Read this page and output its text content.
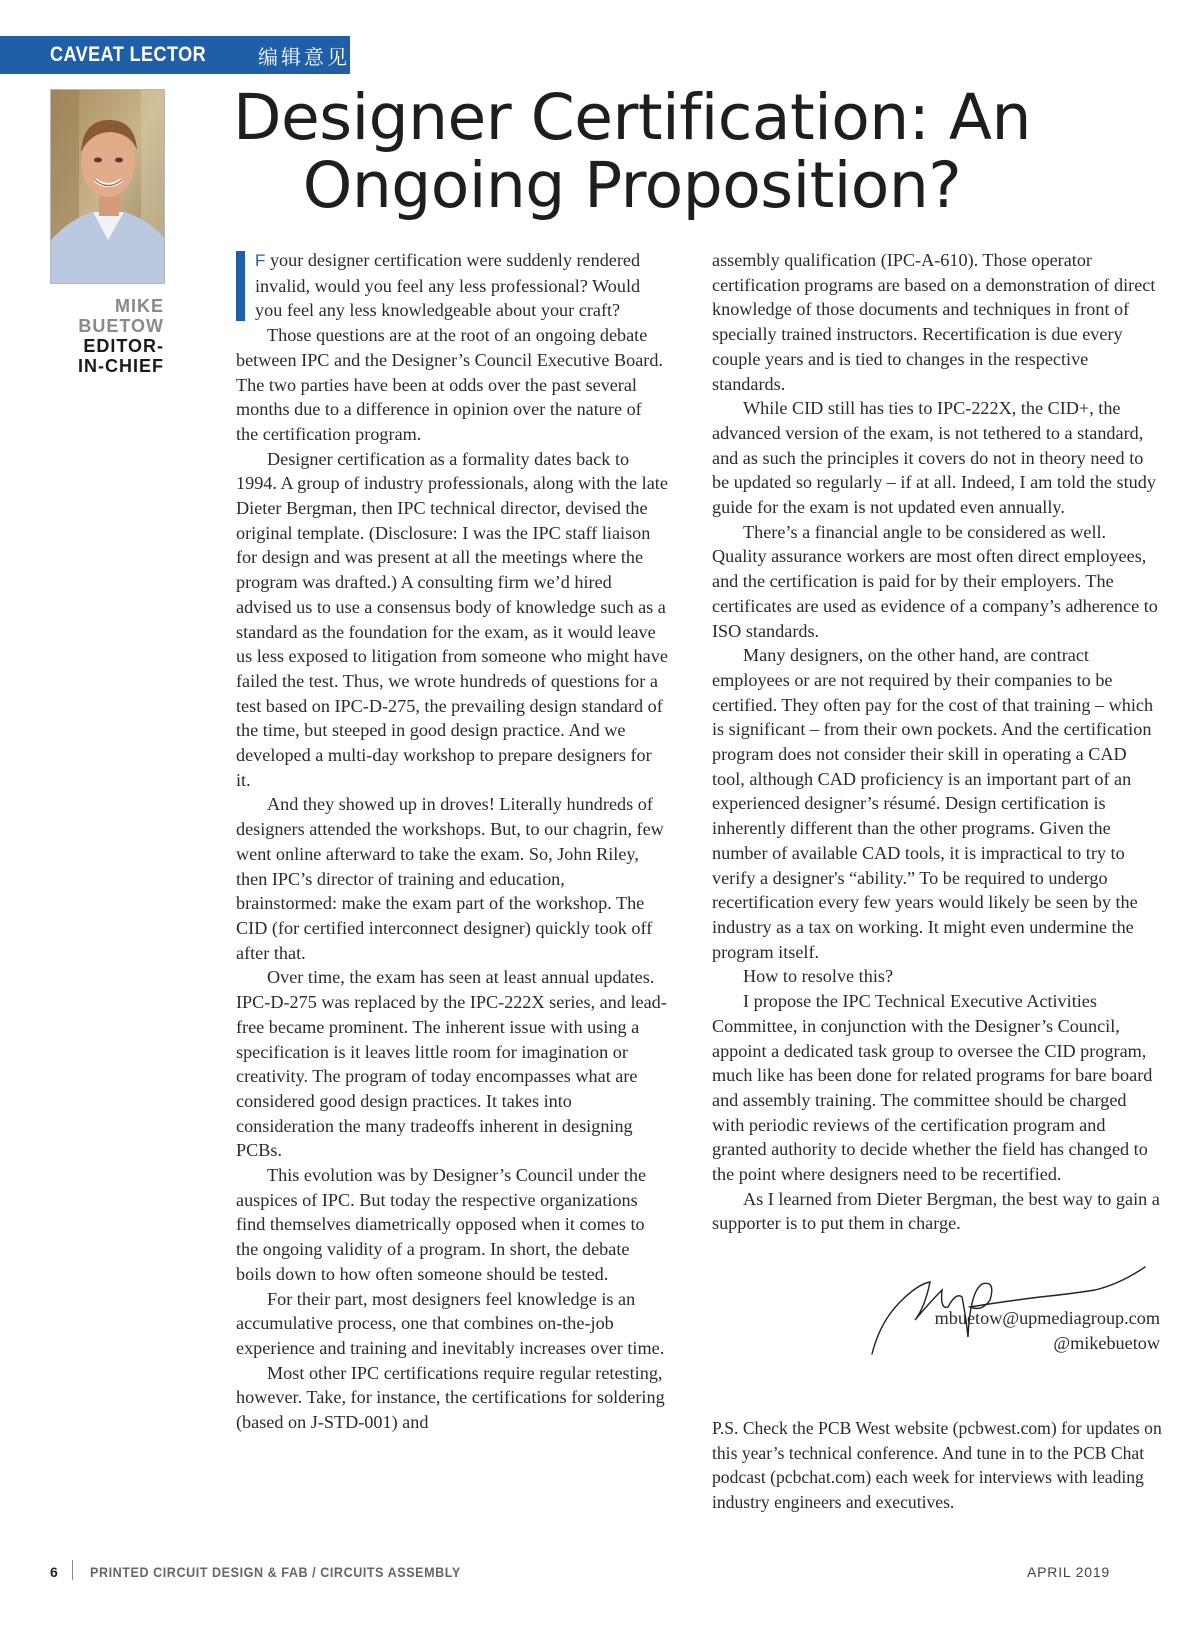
CAVEAT LECTOR	编辑意见
MIKE
BUETOW
EDITOR-
IN-CHIEF
Designer Certification: An
Ongoing Proposition?

F your designer certification were suddenly rendered invalid, would you feel any less professional? Would you feel any less knowledgeable about your craft?

Those questions are at the root of an ongoing debate between IPC and the Designer’s Council Executive Board. The two parties have been at odds over the past several months due to a difference in opinion over the nature of the certification program.

Designer certification as a formality dates back to 1994. A group of industry professionals, along with the late Dieter Bergman, then IPC technical director, devised the original template. (Disclosure: I was the IPC staff liaison for design and was present at all the meetings where the program was drafted.) A consulting firm we’d hired advised us to use a consensus body of knowledge such as a standard as the foundation for the exam, as it would leave us less exposed to litigation from someone who might have failed the test. Thus, we wrote hundreds of questions for a test based on IPC-D-275, the prevailing design standard of the time, but steeped in good design practice. And we developed a multi-day workshop to prepare designers for it.

And they showed up in droves! Literally hundreds of designers attended the workshops. But, to our chagrin, few went online afterward to take the exam. So, John Riley, then IPC’s director of training and education, brainstormed: make the exam part of the workshop. The CID (for certified interconnect designer) quickly took off after that.

Over time, the exam has seen at least annual updates. IPC-D-275 was replaced by the IPC-222X series, and lead-free became prominent. The inherent issue with using a specification is it leaves little room for imagination or creativity. The program of today encompasses what are considered good design practices. It takes into consideration the many tradeoffs inherent in designing PCBs.

This evolution was by Designer’s Council under the auspices of IPC. But today the respective organizations find themselves diametrically opposed when it comes to the ongoing validity of a program. In short, the debate boils down to how often someone should be tested.

For their part, most designers feel knowledge is an accumulative process, one that combines on-the-job experience and training and inevitably increases over time.

Most other IPC certifications require regular retesting, however. Take, for instance, the certifications for soldering (based on J-STD-001) and

assembly qualification (IPC-A-610). Those operator certification programs are based on a demonstration of direct knowledge of those documents and techniques in front of specially trained instructors. Recertification is due every couple years and is tied to changes in the respective standards.

While CID still has ties to IPC-222X, the CID+, the advanced version of the exam, is not tethered to a standard, and as such the principles it covers do not in theory need to be updated so regularly – if at all. Indeed, I am told the study guide for the exam is not updated even annually.

There’s a financial angle to be considered as well. Quality assurance workers are most often direct employees, and the certification is paid for by their employers. The certificates are used as evidence of a company’s adherence to ISO standards.

Many designers, on the other hand, are contract employees or are not required by their companies to be certified. They often pay for the cost of that training – which is significant – from their own pockets. And the certification program does not consider their skill in operating a CAD tool, although CAD proficiency is an important part of an experienced designer’s résumé. Design certification is inherently different than the other programs. Given the number of available CAD tools, it is impractical to try to verify a designer's “ability.” To be required to undergo recertification every few years would likely be seen by the industry as a tax on working. It might even undermine the program itself.

How to resolve this?

I propose the IPC Technical Executive Activities Committee, in conjunction with the Designer’s Council, appoint a dedicated task group to oversee the CID program, much like has been done for related programs for bare board and assembly training. The committee should be charged with periodic reviews of the certification program and granted authority to decide whether the field has changed to the point where designers need to be recertified.

As I learned from Dieter Bergman, the best way to gain a supporter is to put them in charge.

mbuetow@upmediagroup.com
@mikebuetow

P.S. Check the PCB West website (pcbwest.com) for updates on this year’s technical conference. And tune in to the PCB Chat podcast (pcbchat.com) each week for interviews with leading industry engineers and executives.

6 PRINTED CIRCUIT DESIGN & FAB / CIRCUITS ASSEMBLY	APRIL 2019
